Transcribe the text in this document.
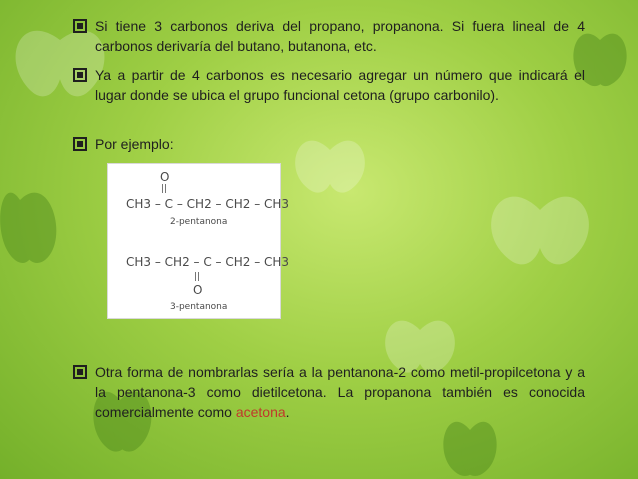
Si tiene 3 carbonos deriva del propano, propanona. Si fuera lineal de 4 carbonos derivaría del butano, butanona, etc.
Ya a partir de 4 carbonos es necesario agregar un número que indicará el lugar donde se ubica el grupo funcional cetona (grupo carbonilo).
Por ejemplo:
O
||
CH3 – C – CH2 – CH2 – CH3
2-pentanona
CH3 – CH2 – C – CH2 – CH3
||
O
3-pentanona
Otra forma de nombrarlas sería a la pentanona-2 como metil-propilcetona y a la pentanona-3 como dietilcetona. La propanona también es conocida comercialmente como acetona.
